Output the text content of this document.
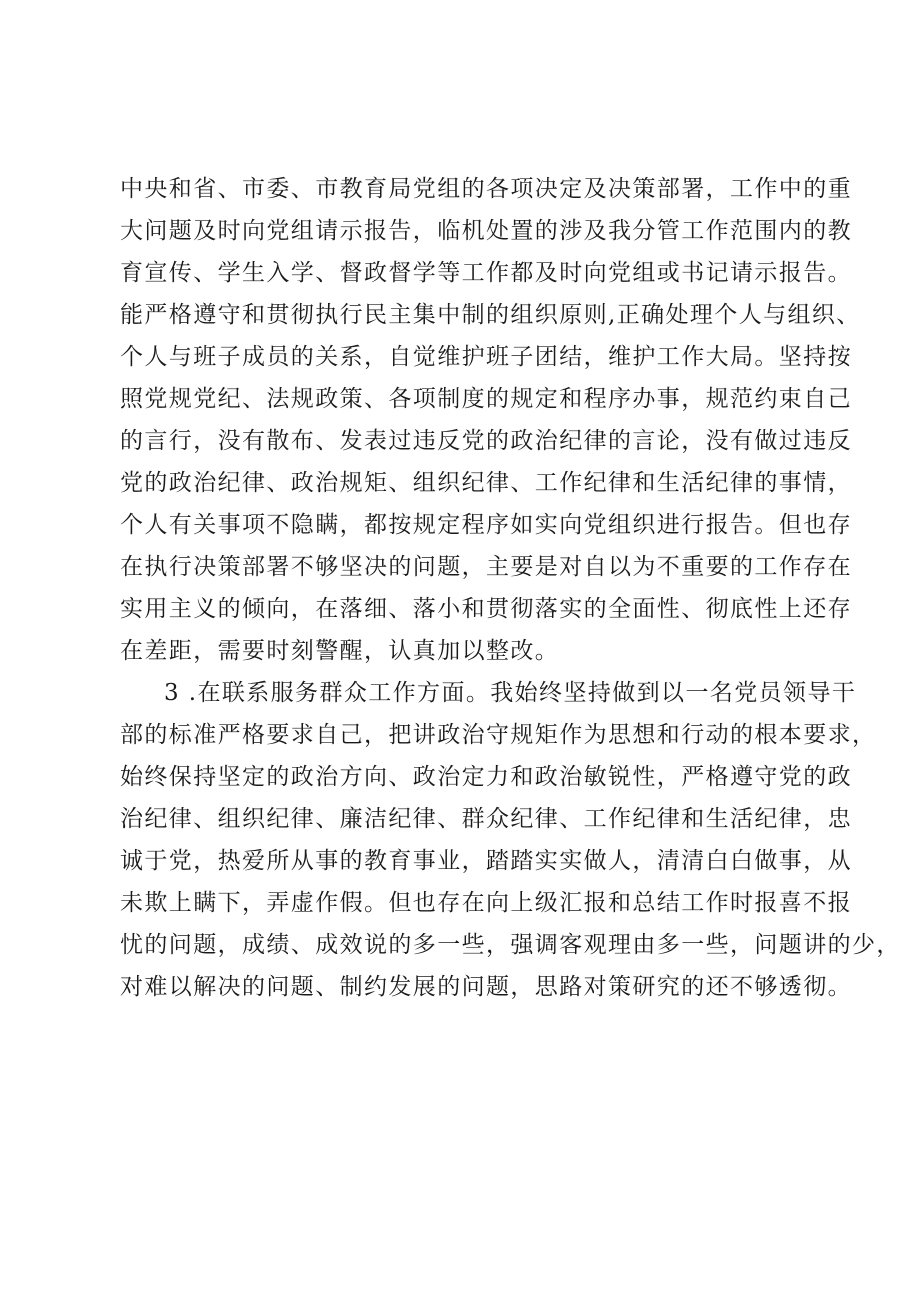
中央和省、市委、市教育局党组的各项决定及决策部署，工作中的重
大问题及时向党组请示报告，临机处置的涉及我分管工作范围内的教
育宣传、学生入学、督政督学等工作都及时向党组或书记请示报告。
能严格遵守和贯彻执行民主集中制的组织原则,正确处理个人与组织、
个人与班子成员的关系，自觉维护班子团结，维护工作大局。坚持按
照党规党纪、法规政策、各项制度的规定和程序办事，规范约束自己
的言行，没有散布、发表过违反党的政治纪律的言论，没有做过违反
党的政治纪律、政治规矩、组织纪律、工作纪律和生活纪律的事情，
个人有关事项不隐瞒，都按规定程序如实向党组织进行报告。但也存
在执行决策部署不够坚决的问题，主要是对自以为不重要的工作存在
实用主义的倾向，在落细、落小和贯彻落实的全面性、彻底性上还存
在差距，需要时刻警醒，认真加以整改。
3 .在联系服务群众工作方面。我始终坚持做到以一名党员领导干
部的标准严格要求自己，把讲政治守规矩作为思想和行动的根本要求，
始终保持坚定的政治方向、政治定力和政治敏锐性，严格遵守党的政
治纪律、组织纪律、廉洁纪律、群众纪律、工作纪律和生活纪律，忠
诚于党，热爱所从事的教育事业，踏踏实实做人，清清白白做事，从
未欺上瞒下，弄虚作假。但也存在向上级汇报和总结工作时报喜不报
忧的问题，成绩、成效说的多一些，强调客观理由多一些，问题讲的少，
对难以解决的问题、制约发展的问题，思路对策研究的还不够透彻。
